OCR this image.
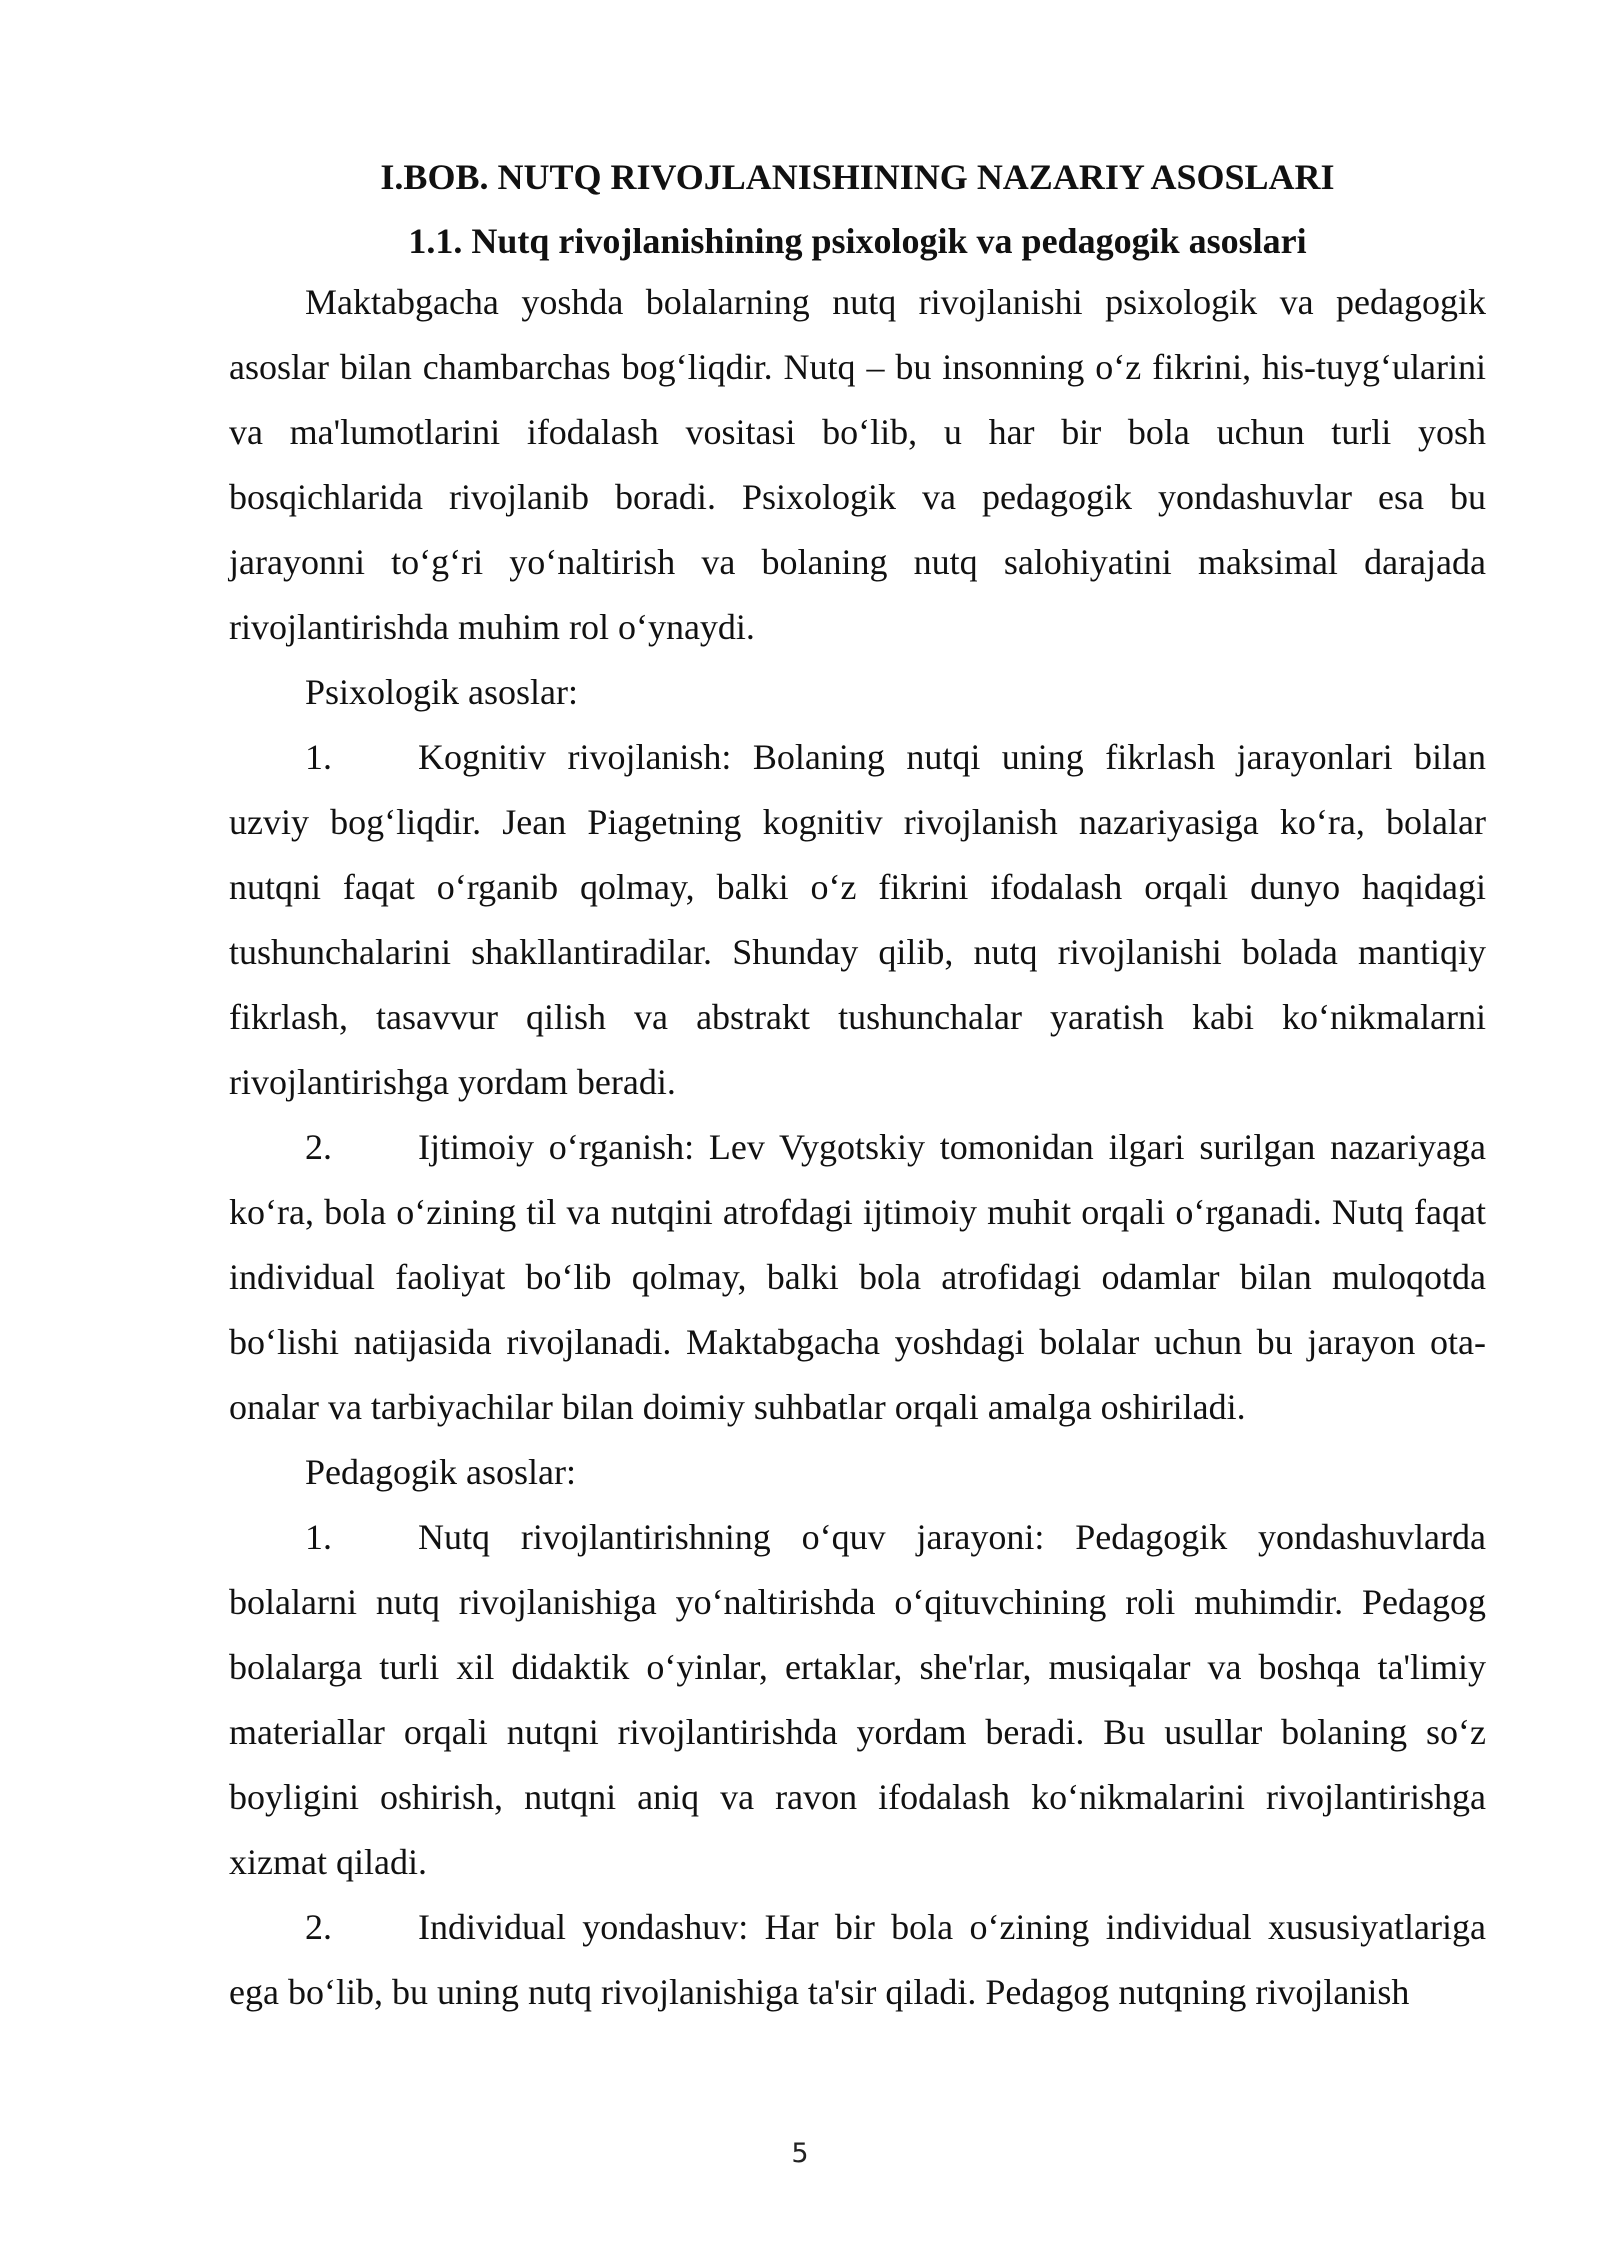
I.BOB. NUTQ RIVOJLANISHINING NAZARIY ASOSLARI
1.1. Nutq rivojlanishining psixologik va pedagogik asoslari

Maktabgacha yoshda bolalarning nutq rivojlanishi psixologik va pedagogik asoslar bilan chambarchas bog‘liqdir. Nutq – bu insonning o‘z fikrini, his-tuyg‘ularini va ma'lumotlarini ifodalash vositasi bo‘lib, u har bir bola uchun turli yosh bosqichlarida rivojlanib boradi. Psixologik va pedagogik yondashuvlar esa bu jarayonni to‘g‘ri yo‘naltirish va bolaning nutq salohiyatini maksimal darajada rivojlantirishda muhim rol o‘ynaydi.

Psixologik asoslar:

1. Kognitiv rivojlanish: Bolaning nutqi uning fikrlash jarayonlari bilan uzviy bog‘liqdir. Jean Piagetning kognitiv rivojlanish nazariyasiga ko‘ra, bolalar nutqni faqat o‘rganib qolmay, balki o‘z fikrini ifodalash orqali dunyo haqidagi tushunchalarini shakllantiradilar. Shunday qilib, nutq rivojlanishi bolada mantiqiy fikrlash, tasavvur qilish va abstrakt tushunchalar yaratish kabi ko‘nikmalarni rivojlantirishga yordam beradi.

2. Ijtimoiy o‘rganish: Lev Vygotskiy tomonidan ilgari surilgan nazariyaga ko‘ra, bola o‘zining til va nutqini atrofdagi ijtimoiy muhit orqali o‘rganadi. Nutq faqat individual faoliyat bo‘lib qolmay, balki bola atrofidagi odamlar bilan muloqotda bo‘lishi natijasida rivojlanadi. Maktabgacha yoshdagi bolalar uchun bu jarayon ota-onalar va tarbiyachilar bilan doimiy suhbatlar orqali amalga oshiriladi.

Pedagogik asoslar:

1. Nutq rivojlantirishning o‘quv jarayoni: Pedagogik yondashuvlarda bolalarni nutq rivojlanishiga yo‘naltirishda o‘qituvchining roli muhimdir. Pedagog bolalarga turli xil didaktik o‘yinlar, ertaklar, she'rlar, musiqalar va boshqa ta'limiy materiallar orqali nutqni rivojlantirishda yordam beradi. Bu usullar bolaning so‘z boyligini oshirish, nutqni aniq va ravon ifodalash ko‘nikmalarini rivojlantirishga xizmat qiladi.

2. Individual yondashuv: Har bir bola o‘zining individual xususiyatlariga ega bo‘lib, bu uning nutq rivojlanishiga ta'sir qiladi. Pedagog nutqning rivojlanish

5
